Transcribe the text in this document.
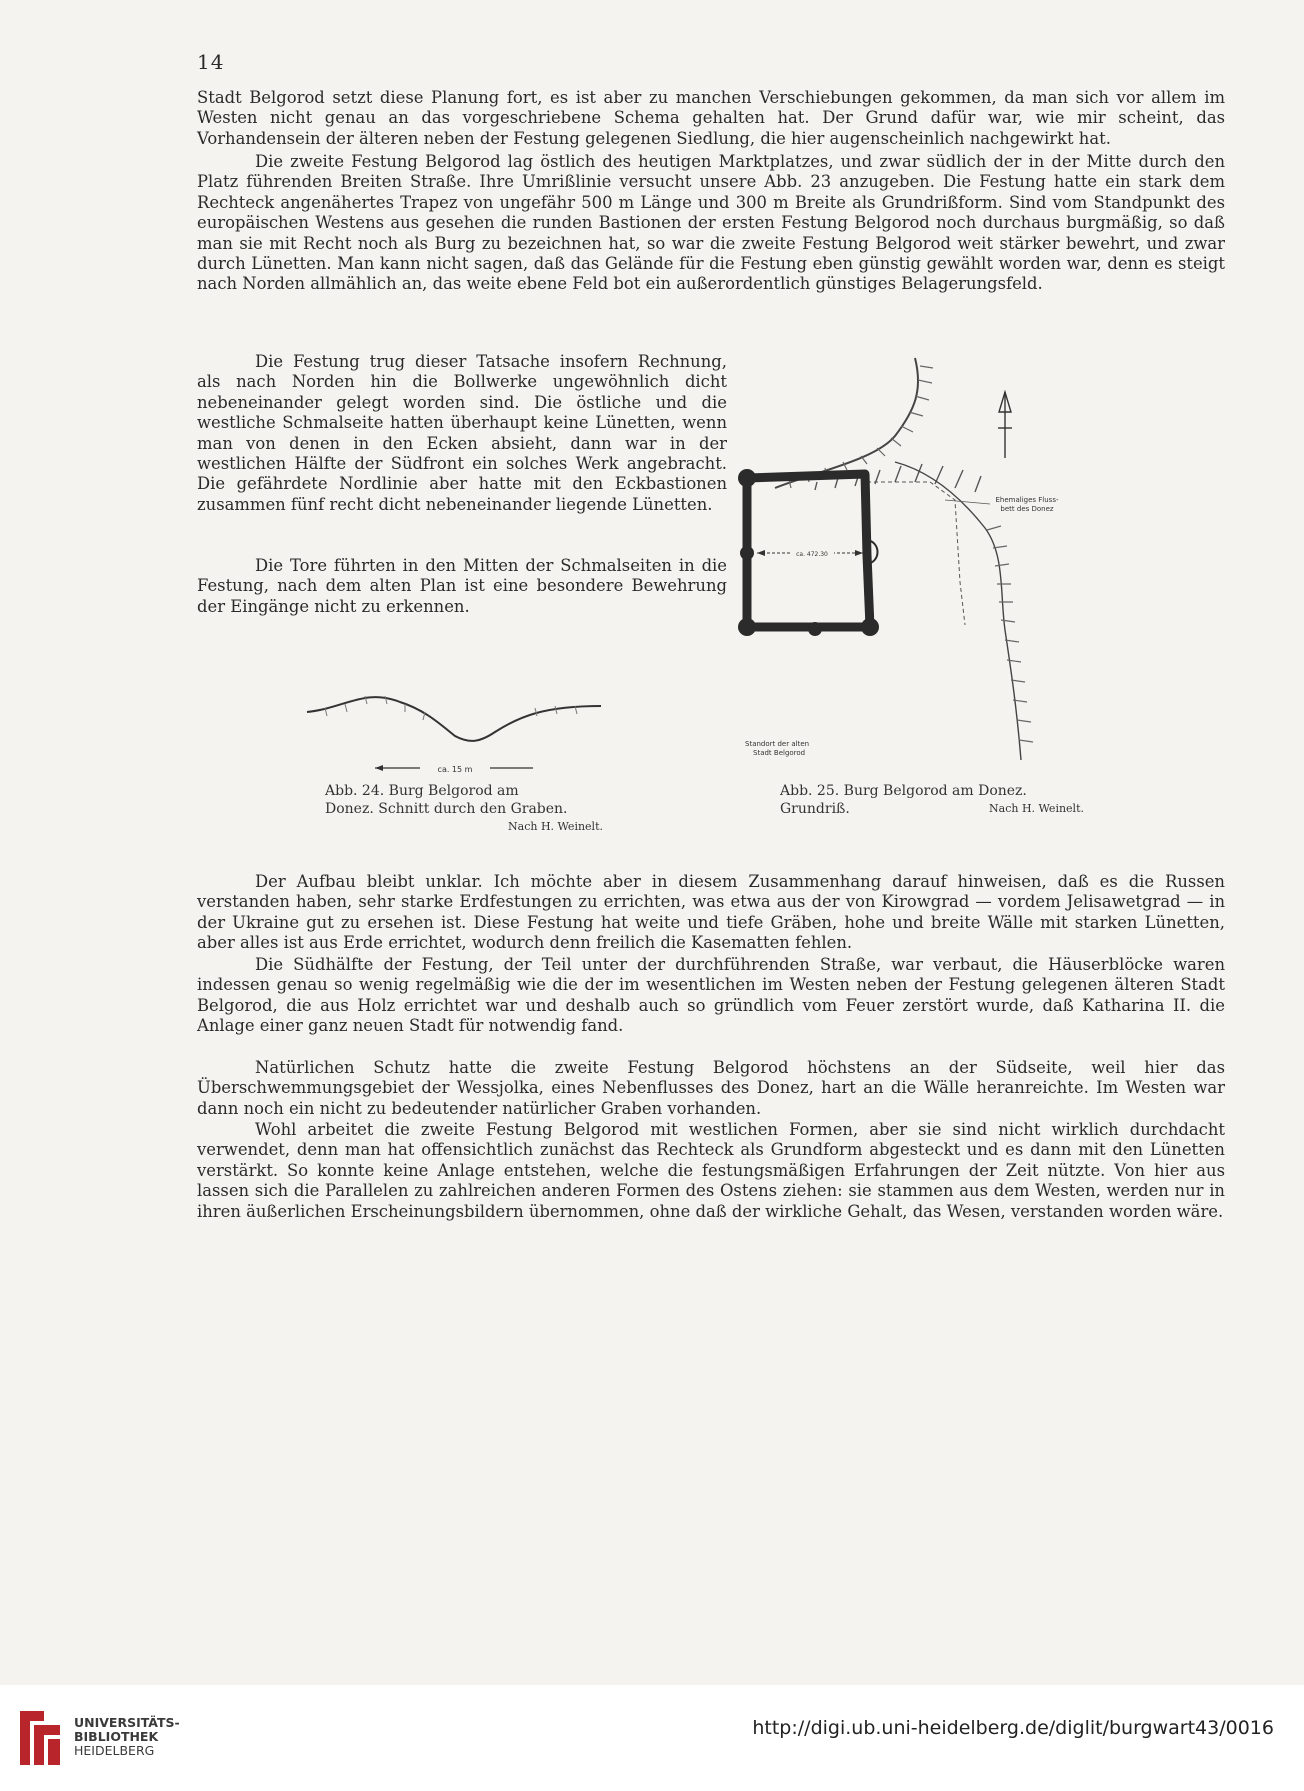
14

Stadt Belgorod setzt diese Planung fort, es ist aber zu manchen Verschiebungen gekommen, da man sich vor allem im Westen nicht genau an das vorgeschriebene Schema gehalten hat. Der Grund dafür war, wie mir scheint, das Vorhandensein der älteren neben der Festung gelegenen Siedlung, die hier augenscheinlich nachgewirkt hat.

Die zweite Festung Belgorod lag östlich des heutigen Marktplatzes, und zwar südlich der in der Mitte durch den Platz führenden Breiten Straße. Ihre Umrißlinie versucht unsere Abb. 23 anzugeben. Die Festung hatte ein stark dem Rechteck angenähertes Trapez von ungefähr 500 m Länge und 300 m Breite als Grundrißform. Sind vom Standpunkt des europäischen Westens aus gesehen die runden Bastionen der ersten Festung Belgorod noch durchaus burgmäßig, so daß man sie mit Recht noch als Burg zu bezeichnen hat, so war die zweite Festung Belgorod weit stärker bewehrt, und zwar durch Lünetten. Man kann nicht sagen, daß das Gelände für die Festung eben günstig gewählt worden war, denn es steigt nach Norden allmählich an, das weite ebene Feld bot ein außerordentlich günstiges Belagerungsfeld.

Die Festung trug dieser Tatsache insofern Rechnung, als nach Norden hin die Bollwerke ungewöhnlich dicht nebeneinander gelegt worden sind. Die östliche und die westliche Schmalseite hatten überhaupt keine Lünetten, wenn man von denen in den Ecken absieht, dann war in der westlichen Hälfte der Südfront ein solches Werk angebracht. Die gefährdete Nordlinie aber hatte mit den Eckbastionen zusammen fünf recht dicht nebeneinander liegende Lünetten.

Die Tore führten in den Mitten der Schmalseiten in die Festung, nach dem alten Plan ist eine besondere Bewehrung der Eingänge nicht zu erkennen.

ca. 15 m
Abb. 24. Burg Belgorod am
Donez. Schnitt durch den Graben.
Nach H. Weinelt.
ca. 472.30
Ehemaliges Fluss-
bett des Donez
Standort der alten
Stadt Belgorod
Abb. 25. Burg Belgorod am Donez.
Grundriß.	Nach H. Weinelt.

Der Aufbau bleibt unklar. Ich möchte aber in diesem Zusammenhang darauf hinweisen, daß es die Russen verstanden haben, sehr starke Erdfestungen zu errichten, was etwa aus der von Kirowgrad — vordem Jelisawetgrad — in der Ukraine gut zu ersehen ist. Diese Festung hat weite und tiefe Gräben, hohe und breite Wälle mit starken Lünetten, aber alles ist aus Erde errichtet, wodurch denn freilich die Kasematten fehlen.

Die Südhälfte der Festung, der Teil unter der durchführenden Straße, war verbaut, die Häuserblöcke waren indessen genau so wenig regelmäßig wie die der im wesentlichen im Westen neben der Festung gelegenen älteren Stadt Belgorod, die aus Holz errichtet war und deshalb auch so gründlich vom Feuer zerstört wurde, daß Katharina II. die Anlage einer ganz neuen Stadt für notwendig fand.

Natürlichen Schutz hatte die zweite Festung Belgorod höchstens an der Südseite, weil hier das Überschwemmungsgebiet der Wessjolka, eines Nebenflusses des Donez, hart an die Wälle heranreichte. Im Westen war dann noch ein nicht zu bedeutender natürlicher Graben vorhanden.

Wohl arbeitet die zweite Festung Belgorod mit westlichen Formen, aber sie sind nicht wirklich durchdacht verwendet, denn man hat offensichtlich zunächst das Rechteck als Grundform abgesteckt und es dann mit den Lünetten verstärkt. So konnte keine Anlage entstehen, welche die festungsmäßigen Erfahrungen der Zeit nützte. Von hier aus lassen sich die Parallelen zu zahlreichen anderen Formen des Ostens ziehen: sie stammen aus dem Westen, werden nur in ihren äußerlichen Erscheinungsbildern übernommen, ohne daß der wirkliche Gehalt, das Wesen, verstanden worden wäre.

UNIVERSITÄTS-
BIBLIOTHEK
HEIDELBERG
http://digi.ub.uni-heidelberg.de/diglit/burgwart43/0016
